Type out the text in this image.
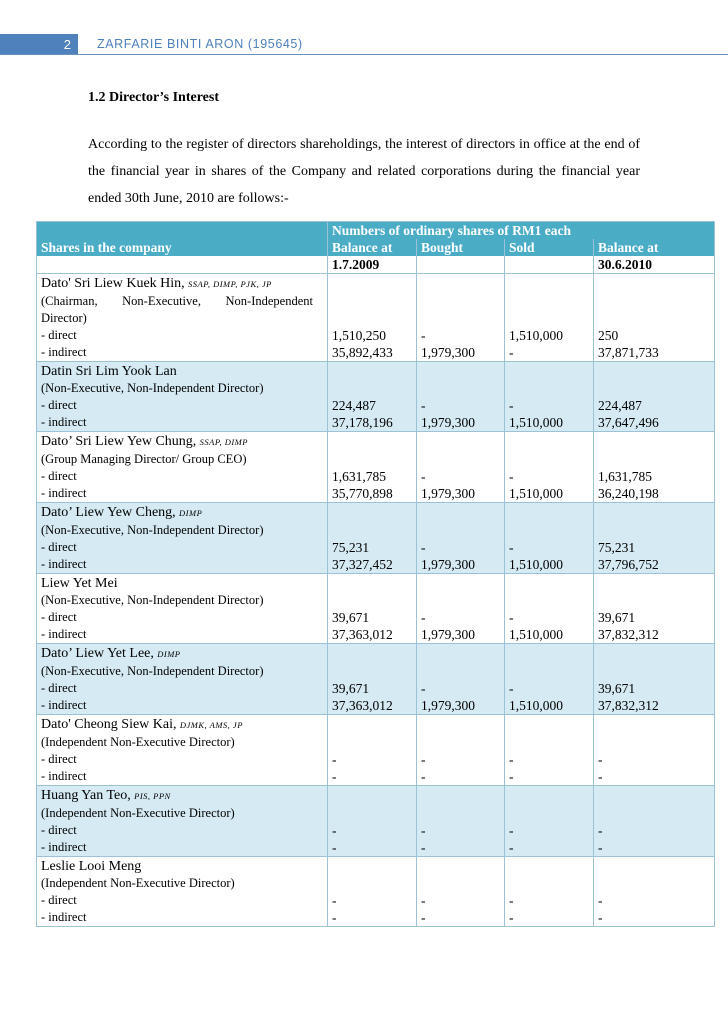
2	ZARFARIE BINTI ARON (195645)
1.2 Director’s Interest
According to the register of directors shareholdings, the interest of directors in office at the end of the financial year in shares of the Company and related corporations during the financial year ended 30th June, 2010 are follows:-
	Numbers of ordinary shares of RM1 each			
Shares in the company	Balance at	Bought	Sold	Balance at
	1.7.2009			30.6.2010
Dato' Sri Liew Kuek Hin, SSAP, DIMP, PJK, JP				

(Chairman, Non-Executive, Non-Independent				

Director)				
- direct	1,510,250	-	1,510,000	250
- indirect	35,892,433	1,979,300	-	37,871,733
Datin Sri Lim Yook Lan				
(Non-Executive, Non-Independent Director)				
- direct	224,487	-	-	224,487
- indirect	37,178,196	1,979,300	1,510,000	37,647,496
Dato’ Sri Liew Yew Chung, SSAP, DIMP				
(Group Managing Director/ Group CEO)				
- direct	1,631,785	-	-	1,631,785
- indirect	35,770,898	1,979,300	1,510,000	36,240,198
Dato’ Liew Yew Cheng, DIMP				
(Non-Executive, Non-Independent Director)				
- direct	75,231	-	-	75,231
- indirect	37,327,452	1,979,300	1,510,000	37,796,752
Liew Yet Mei				
(Non-Executive, Non-Independent Director)				
- direct	39,671	-	-	39,671
- indirect	37,363,012	1,979,300	1,510,000	37,832,312
Dato’ Liew Yet Lee, DIMP				
(Non-Executive, Non-Independent Director)				
- direct	39,671	-	-	39,671
- indirect	37,363,012	1,979,300	1,510,000	37,832,312
Dato' Cheong Siew Kai, DJMK, AMS, JP				
(Independent Non-Executive Director)				
- direct	-	-	-	-
- indirect	-	-	-	-
Huang Yan Teo, PIS, PPN				
(Independent Non-Executive Director)				
- direct	-	-	-	-
- indirect	-	-	-	-
Leslie Looi Meng				
(Independent Non-Executive Director)				
- direct	-	-	-	-
- indirect	-	-	-	-
